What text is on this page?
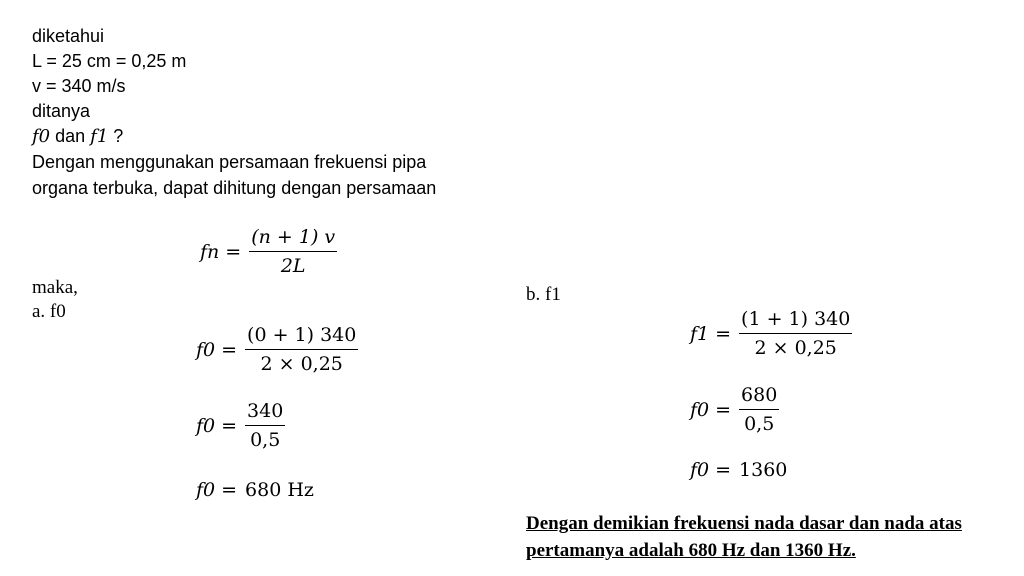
diketahui
L = 25 cm = 0,25 m
v = 340 m/s
ditanya
f0 dan f1 ?
Dengan menggunakan persamaan frekuensi pipa
organa terbuka, dapat dihitung dengan persamaan
fn = $\frac{(n + 1) v}{2L}$
maka,
a. f0
$f0 = \frac{(0 + 1) 340}{2 \times 0,25}$
$f0 = \frac{340}{0,5}$
f0 = 680 Hz
b. f1
$f1 = \frac{(1 + 1) 340}{2 \times 0,25}$
$f0 = \frac{680}{0,5}$
f0 = 1360
Dengan demikian frekuensi nada dasar dan nada atas pertamanya adalah 680 Hz dan 1360 Hz.
